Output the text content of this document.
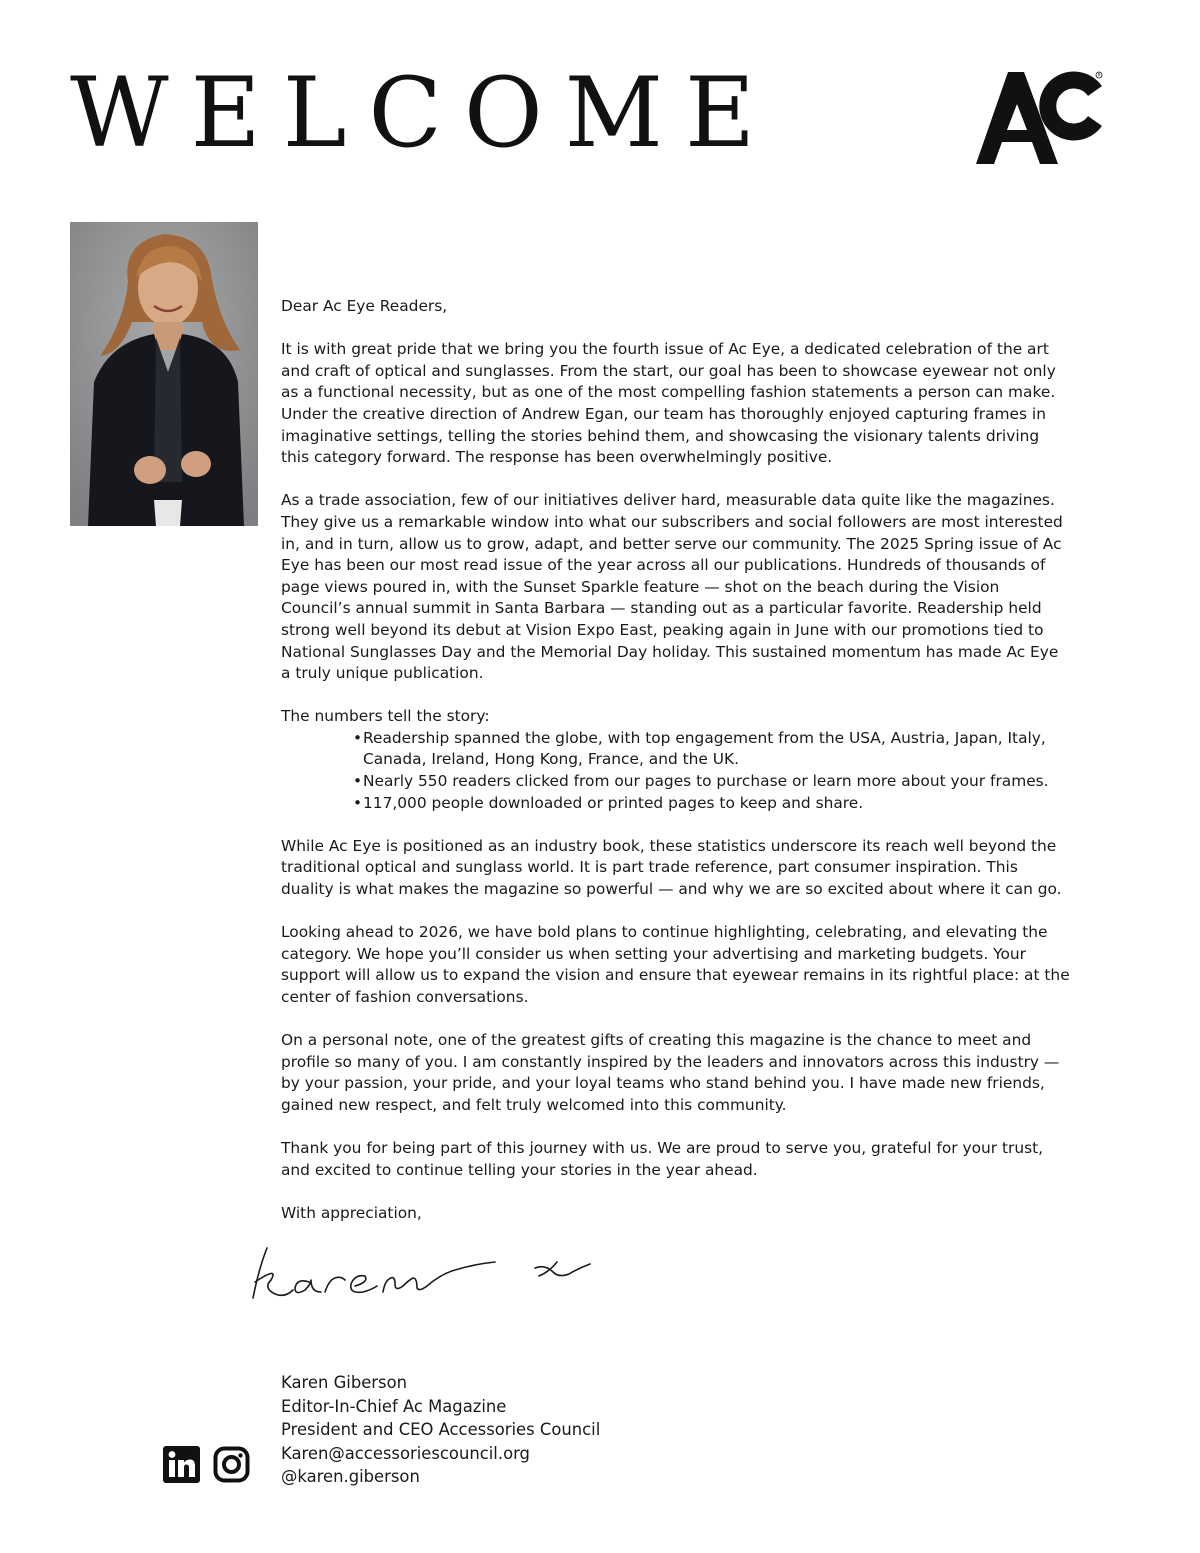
WELCOME	R

Dear Ac Eye Readers,

It is with great pride that we bring you the fourth issue of Ac Eye, a dedicated celebration of the art and craft of optical and sunglasses. From the start, our goal has been to showcase eyewear not only as a functional necessity, but as one of the most compelling fashion statements a person can make. Under the creative direction of Andrew Egan, our team has thoroughly enjoyed capturing frames in imaginative settings, telling the stories behind them, and showcasing the visionary talents driving this category forward. The response has been overwhelmingly positive.

As a trade association, few of our initiatives deliver hard, measurable data quite like the magazines. They give us a remarkable window into what our subscribers and social followers are most interested in, and in turn, allow us to grow, adapt, and better serve our community. The 2025 Spring issue of Ac Eye has been our most read issue of the year across all our publications. Hundreds of thousands of page views poured in, with the Sunset Sparkle feature — shot on the beach during the Vision Council’s annual summit in Santa Barbara — standing out as a particular favorite. Readership held strong well beyond its debut at Vision Expo East, peaking again in June with our promotions tied to National Sunglasses Day and the Memorial Day holiday. This sustained momentum has made Ac Eye a truly unique publication.

The numbers tell the story:

• Readership spanned the globe, with top engagement from the USA, Austria, Japan, Italy, Canada, Ireland, Hong Kong, France, and the UK.
• Nearly 550 readers clicked from our pages to purchase or learn more about your frames.
• 117,000 people downloaded or printed pages to keep and share.

While Ac Eye is positioned as an industry book, these statistics underscore its reach well beyond the traditional optical and sunglass world. It is part trade reference, part consumer inspiration. This duality is what makes the magazine so powerful — and why we are so excited about where it can go.

Looking ahead to 2026, we have bold plans to continue highlighting, celebrating, and elevating the category. We hope you’ll consider us when setting your advertising and marketing budgets. Your support will allow us to expand the vision and ensure that eyewear remains in its rightful place: at the center of fashion conversations.

On a personal note, one of the greatest gifts of creating this magazine is the chance to meet and profile so many of you. I am constantly inspired by the leaders and innovators across this industry — by your passion, your pride, and your loyal teams who stand behind you. I have made new friends, gained new respect, and felt truly welcomed into this community.

Thank you for being part of this journey with us. We are proud to serve you, grateful for your trust, and excited to continue telling your stories in the year ahead.

With appreciation,

Karen Giberson
Editor-In-Chief Ac Magazine
President and CEO Accessories Council
Karen@accessoriescouncil.org
@karen.giberson
